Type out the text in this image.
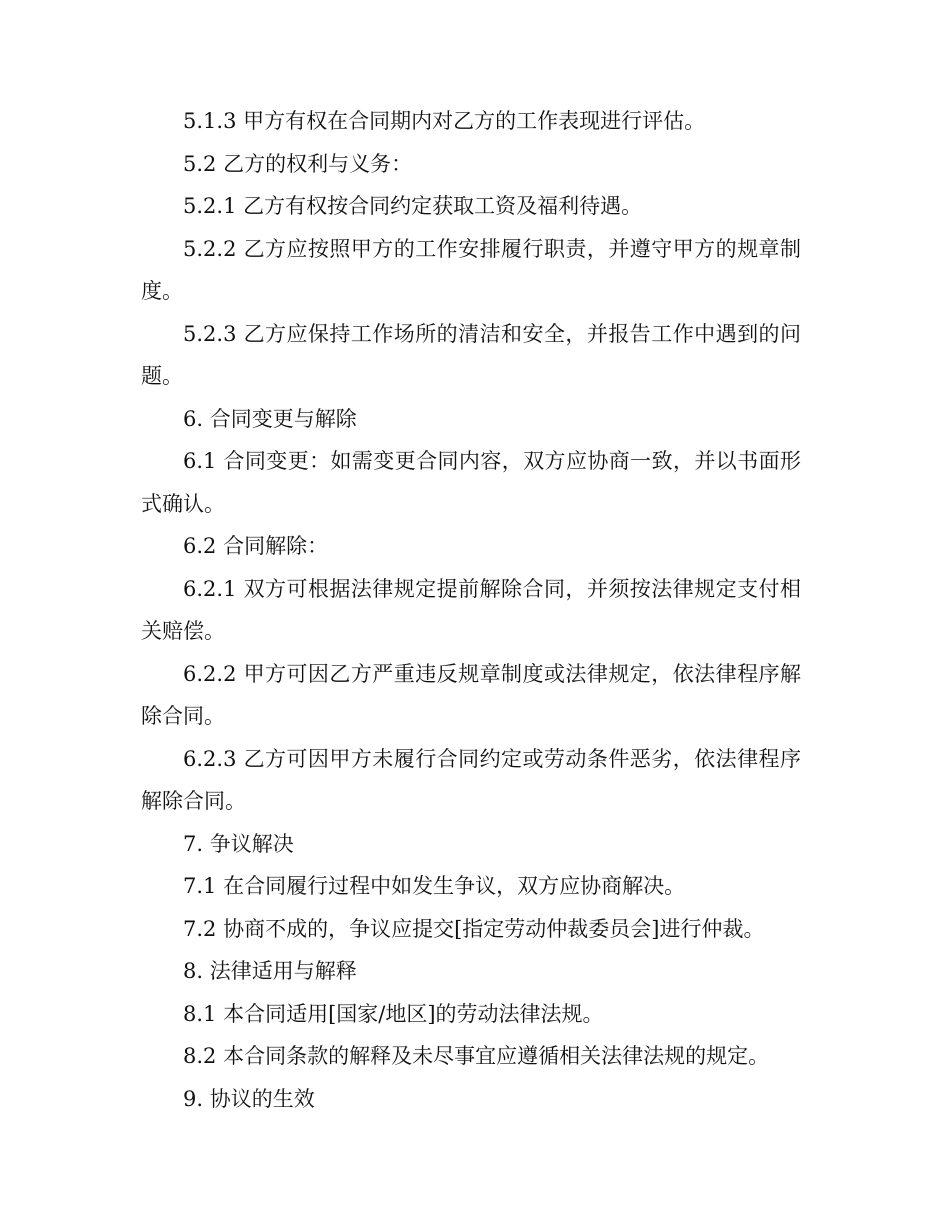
5.1.3 甲方有权在合同期内对乙方的工作表现进行评估。

5.2 乙方的权利与义务：

5.2.1 乙方有权按合同约定获取工资及福利待遇。

5.2.2 乙方应按照甲方的工作安排履行职责，并遵守甲方的规章制度。

5.2.3 乙方应保持工作场所的清洁和安全，并报告工作中遇到的问题。

6. 合同变更与解除

6.1 合同变更：如需变更合同内容，双方应协商一致，并以书面形式确认。

6.2 合同解除：

6.2.1 双方可根据法律规定提前解除合同，并须按法律规定支付相关赔偿。

6.2.2 甲方可因乙方严重违反规章制度或法律规定，依法律程序解除合同。

6.2.3 乙方可因甲方未履行合同约定或劳动条件恶劣，依法律程序解除合同。

7. 争议解决

7.1 在合同履行过程中如发生争议，双方应协商解决。

7.2 协商不成的，争议应提交[指定劳动仲裁委员会]进行仲裁。

8. 法律适用与解释

8.1 本合同适用[国家/地区]的劳动法律法规。

8.2 本合同条款的解释及未尽事宜应遵循相关法律法规的规定。

9. 协议的生效
